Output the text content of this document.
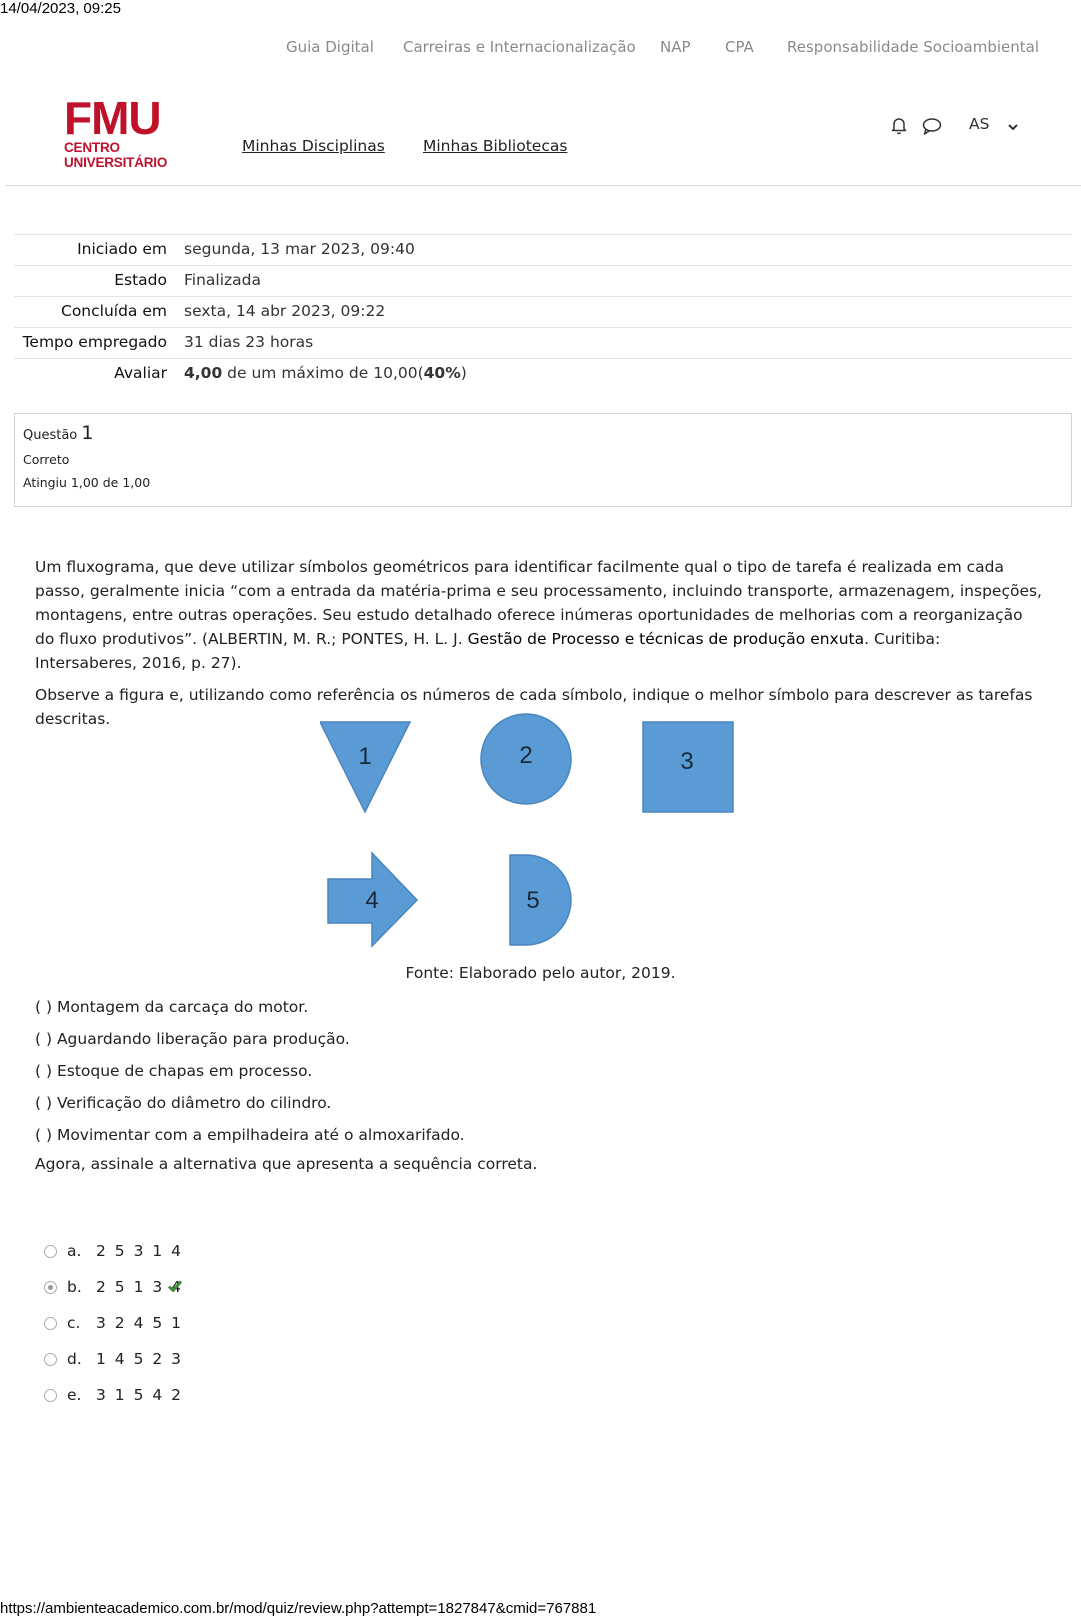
14/04/2023, 09:25
Guia Digital Carreiras e Internacionalização NAP CPA Responsabilidade Socioambiental
FMU
CENTRO UNIVERSITÁRIO
Minhas Disciplinas Minhas Bibliotecas
AS
Iniciado em	segunda, 13 mar 2023, 09:40
Estado	Finalizada
Concluída em	sexta, 14 abr 2023, 09:22
Tempo empregado	31 dias 23 horas
Avaliar	4,00 de um máximo de 10,00(40%)
Questão 1
Correto
Atingiu 1,00 de 1,00

Um fluxograma, que deve utilizar símbolos geométricos para identificar facilmente qual o tipo de tarefa é realizada em cada passo, geralmente inicia “com a entrada da matéria-prima e seu processamento, incluindo transporte, armazenagem, inspeções, montagens, entre outras operações. Seu estudo detalhado oferece inúmeras oportunidades de melhorias com a reorganização do fluxo produtivos”. (ALBERTIN, M. R.; PONTES, H. L. J. Gestão de Processo e técnicas de produção enxuta. Curitiba: Intersaberes, 2016, p. 27).

Observe a figura e, utilizando como referência os números de cada símbolo, indique o melhor símbolo para descrever as tarefas descritas.

1	2	3
4	5
Fonte: Elaborado pelo autor, 2019.
( ) Montagem da carcaça do motor.
( ) Aguardando liberação para produção.
( ) Estoque de chapas em processo.
( ) Verificação do diâmetro do cilindro.
( ) Movimentar com a empilhadeira até o almoxarifado.
Agora, assinale a alternativa que apresenta a sequência correta.
a. 2 5 3 1 4
b. 2 5 1 3 4
c. 3 2 4 5 1
d. 1 4 5 2 3
e. 3 1 5 4 2
https://ambienteacademico.com.br/mod/quiz/review.php?attempt=1827847&cmid=767881
